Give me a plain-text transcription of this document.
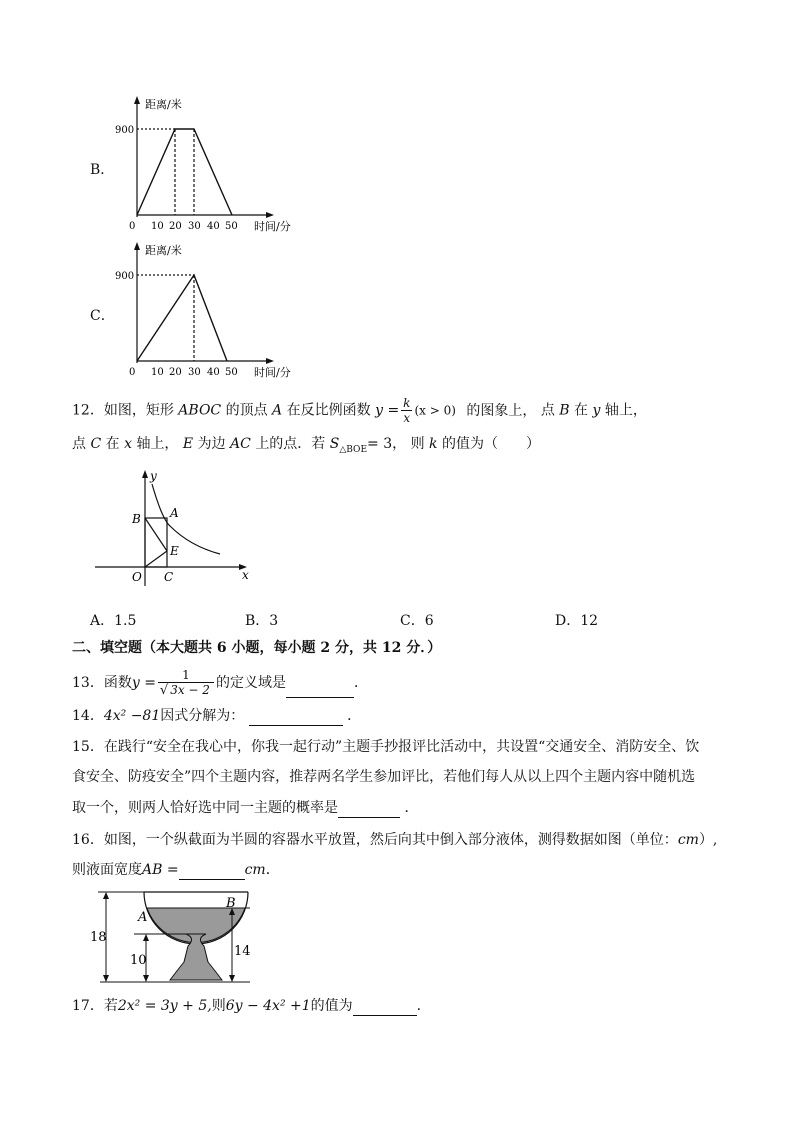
B．
距离/米
900
0 10 20 30 40 50 时间/分
C．
距离/米
900
0 10 20 30 40 50 时间/分
12．如图，矩形 ABOC 的顶点 A 在反比例函数 $y = \frac{k}{x} (x > 0)$ 的图象上， 点 B 在 y 轴上，
点 C 在 x 轴上， E 为边 AC 上的点．若 $S_{\triangle BOE}= 3$， 则 k 的值为（　　）
y
x
B A
E
O C
A．1.5	B．3	C．6	D．12
二、填空题（本大题共 6 小题，每小题 2 分，共 12 分．）
13．函数$y = \frac{1}{√ 3x - 2}$ 的定义域是	．
14．4x² −81因式分解为：	．
15．在践行“安全在我心中，你我一起行动”主题手抄报评比活动中，共设置“交通安全、消防安全、饮
食安全、防疫安全”四个主题内容，推荐两名学生参加评比，若他们每人从以上四个主题内容中随机选
取一个，则两人恰好选中同一主题的概率是	．
16．如图，一个纵截面为半圆的容器水平放置，然后向其中倒入部分液体，测得数据如图（单位：cm）,
则液面宽度AB =	cm．
18
10
14
A
B
17．若2x² = 3y + 5,则6y − 4x² +1的值为	.
